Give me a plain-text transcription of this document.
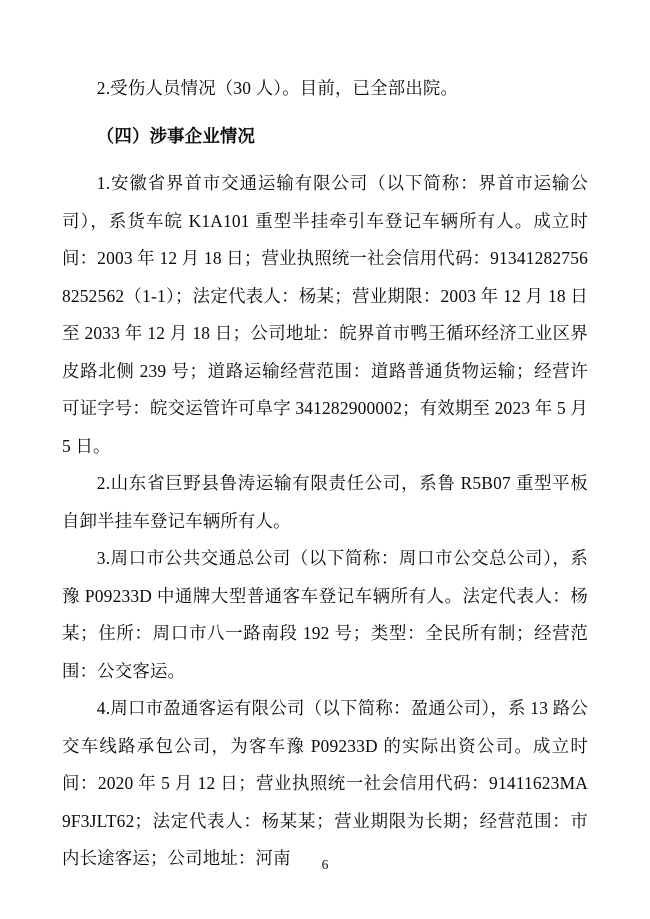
2.受伤人员情况（30 人）。目前，已全部出院。

（四）涉事企业情况

1.安徽省界首市交通运输有限公司（以下简称：界首市运输公司），系货车皖 K1A101 重型半挂牵引车登记车辆所有人。成立时间：2003 年 12 月 18 日；营业执照统一社会信用代码：913412827568252562（1-1）；法定代表人：杨某；营业期限：2003 年 12 月 18 日至 2033 年 12 月 18 日；公司地址：皖界首市鸭王循环经济工业区界皮路北侧 239 号；道路运输经营范围：道路普通货物运输；经营许可证字号：皖交运管许可阜字 341282900002；有效期至 2023 年 5 月 5 日。

2.山东省巨野县鲁涛运输有限责任公司，系鲁 R5B07 重型平板自卸半挂车登记车辆所有人。

3.周口市公共交通总公司（以下简称：周口市公交总公司），系豫 P09233D 中通牌大型普通客车登记车辆所有人。法定代表人：杨某；住所：周口市八一路南段 192 号；类型：全民所有制；经营范围：公交客运。

4.周口市盈通客运有限公司（以下简称：盈通公司），系 13 路公交车线路承包公司，为客车豫 P09233D 的实际出资公司。成立时间：2020 年 5 月 12 日；营业执照统一社会信用代码：91411623MA9F3JLT62；法定代表人：杨某某；营业期限为长期；经营范围：市内长途客运；公司地址：河南	6
